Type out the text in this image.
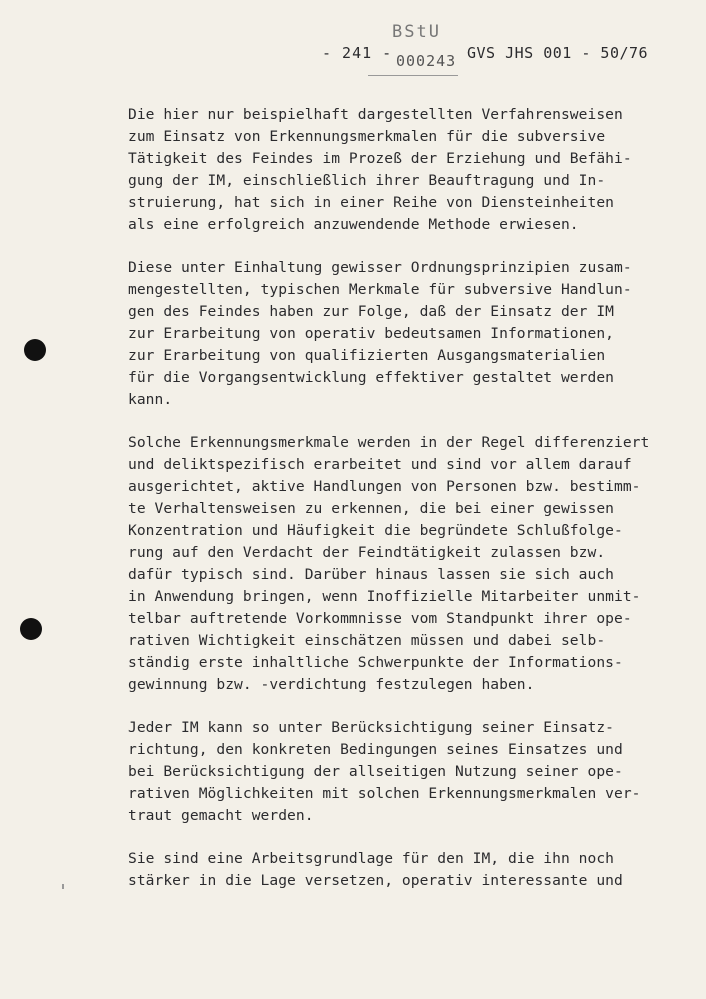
- 241 -
BStU
000243 GVS JHS 001 - 50/76
Die hier nur beispielhaft dargestellten Verfahrensweisen
zum Einsatz von Erkennungsmerkmalen für die subversive
Tätigkeit des Feindes im Prozeß der Erziehung und Befähi-
gung der IM, einschließlich ihrer Beauftragung und In-
struierung, hat sich in einer Reihe von Diensteinheiten
als eine erfolgreich anzuwendende Methode erwiesen.
Diese unter Einhaltung gewisser Ordnungsprinzipien zusam-
mengestellten, typischen Merkmale für subversive Handlun-
gen des Feindes haben zur Folge, daß der Einsatz der IM
zur Erarbeitung von operativ bedeutsamen Informationen,
zur Erarbeitung von qualifizierten Ausgangsmaterialien
für die Vorgangsentwicklung effektiver gestaltet werden
kann.
Solche Erkennungsmerkmale werden in der Regel differenziert
und deliktspezifisch erarbeitet und sind vor allem darauf
ausgerichtet, aktive Handlungen von Personen bzw. bestimm-
te Verhaltensweisen zu erkennen, die bei einer gewissen
Konzentration und Häufigkeit die begründete Schlußfolge-
rung auf den Verdacht der Feindtätigkeit zulassen bzw.
dafür typisch sind. Darüber hinaus lassen sie sich auch
in Anwendung bringen, wenn Inoffizielle Mitarbeiter unmit-
telbar auftretende Vorkommnisse vom Standpunkt ihrer ope-
rativen Wichtigkeit einschätzen müssen und dabei selb-
ständig erste inhaltliche Schwerpunkte der Informations-
gewinnung bzw. -verdichtung festzulegen haben.
Jeder IM kann so unter Berücksichtigung seiner Einsatz-
richtung, den konkreten Bedingungen seines Einsatzes und
bei Berücksichtigung der allseitigen Nutzung seiner ope-
rativen Möglichkeiten mit solchen Erkennungsmerkmalen ver-
traut gemacht werden.
Sie sind eine Arbeitsgrundlage für den IM, die ihn noch
stärker in die Lage versetzen, operativ interessante und
